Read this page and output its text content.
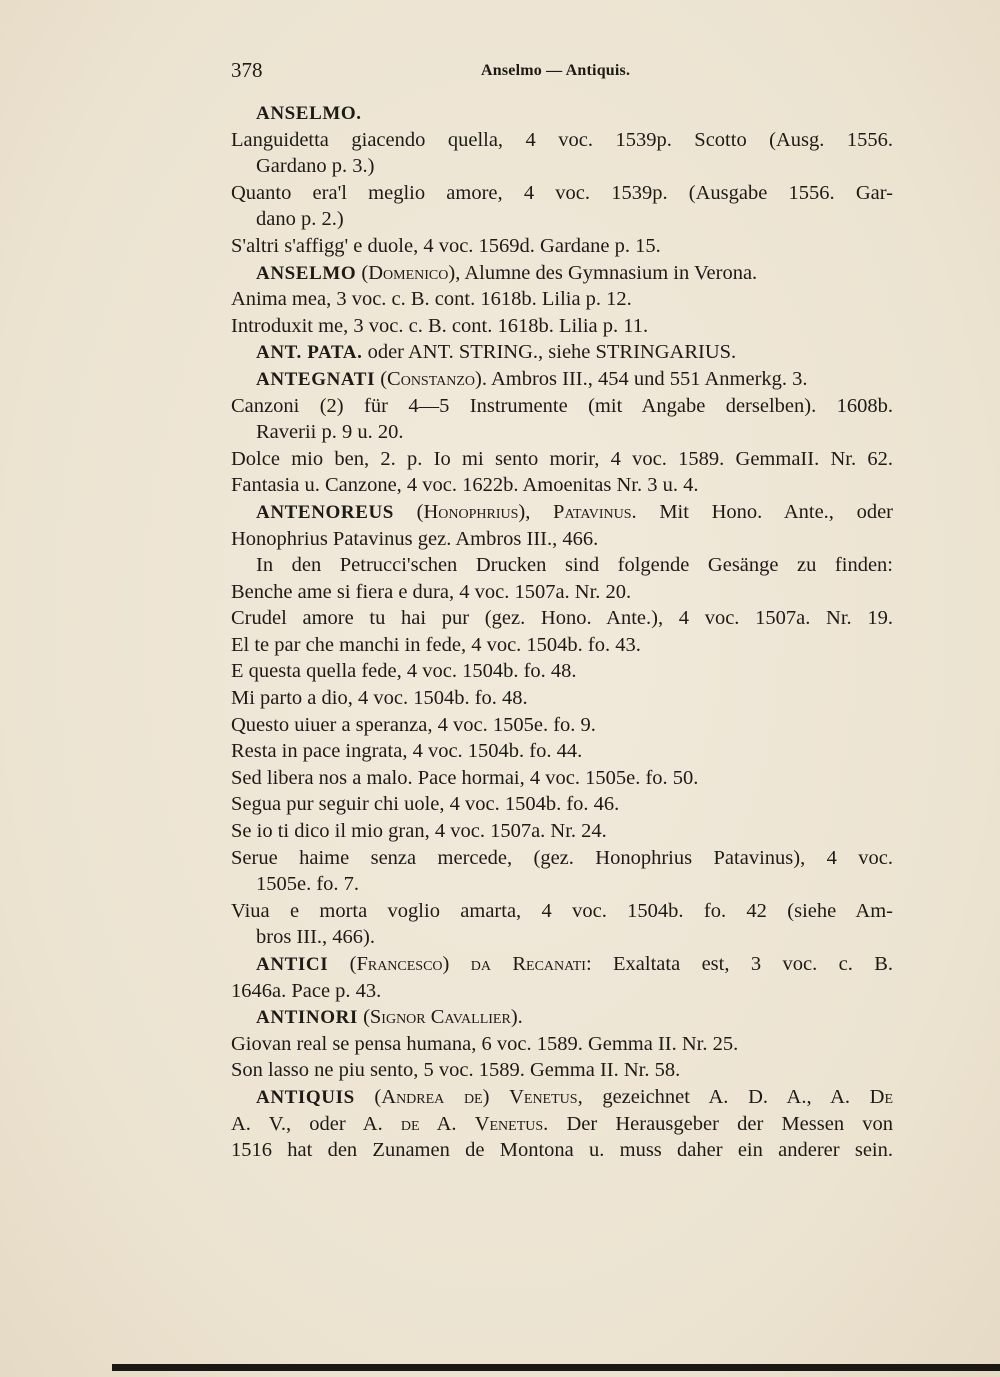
378	Anselmo — Antiquis.
ANSELMO.
Languidetta giacendo quella, 4 voc. 1539p. Scotto (Ausg. 1556.
Gardano p. 3.)
Quanto era'l meglio amore, 4 voc. 1539p. (Ausgabe 1556. Gar-
dano p. 2.)
S'altri s'affigg' e duole, 4 voc. 1569d. Gardane p. 15.
ANSELMO (Domenico), Alumne des Gymnasium in Verona.
Anima mea, 3 voc. c. B. cont. 1618b. Lilia p. 12.
Introduxit me, 3 voc. c. B. cont. 1618b. Lilia p. 11.
ANT. PATA. oder ANT. STRING., siehe STRINGARIUS.
ANTEGNATI (Constanzo). Ambros III., 454 und 551 Anmerkg. 3.
Canzoni (2) für 4—5 Instrumente (mit Angabe derselben). 1608b.
Raverii p. 9 u. 20.
Dolce mio ben, 2. p. Io mi sento morir, 4 voc. 1589. GemmaII. Nr. 62.
Fantasia u. Canzone, 4 voc. 1622b. Amoenitas Nr. 3 u. 4.
ANTENOREUS (Honophrius), Patavinus. Mit Hono. Ante., oder
Honophrius Patavinus gez. Ambros III., 466.
In den Petrucci'schen Drucken sind folgende Gesänge zu finden:
Benche ame si fiera e dura, 4 voc. 1507a. Nr. 20.
Crudel amore tu hai pur (gez. Hono. Ante.), 4 voc. 1507a. Nr. 19.
El te par che manchi in fede, 4 voc. 1504b. fo. 43.
E questa quella fede, 4 voc. 1504b. fo. 48.
Mi parto a dio, 4 voc. 1504b. fo. 48.
Questo uiuer a speranza, 4 voc. 1505e. fo. 9.
Resta in pace ingrata, 4 voc. 1504b. fo. 44.
Sed libera nos a malo. Pace hormai, 4 voc. 1505e. fo. 50.
Segua pur seguir chi uole, 4 voc. 1504b. fo. 46.
Se io ti dico il mio gran, 4 voc. 1507a. Nr. 24.
Serue haime senza mercede, (gez. Honophrius Patavinus), 4 voc.
1505e. fo. 7.
Viua e morta voglio amarta, 4 voc. 1504b. fo. 42 (siehe Am-
bros III., 466).
ANTICI (Francesco) da Recanati: Exaltata est, 3 voc. c. B.
1646a. Pace p. 43.
ANTINORI (Signor Cavallier).
Giovan real se pensa humana, 6 voc. 1589. Gemma II. Nr. 25.
Son lasso ne piu sento, 5 voc. 1589. Gemma II. Nr. 58.
ANTIQUIS (Andrea de) Venetus, gezeichnet A. D. A., A. De
A. V., oder A. de A. Venetus. Der Herausgeber der Messen von
1516 hat den Zunamen de Montona u. muss daher ein anderer sein.
